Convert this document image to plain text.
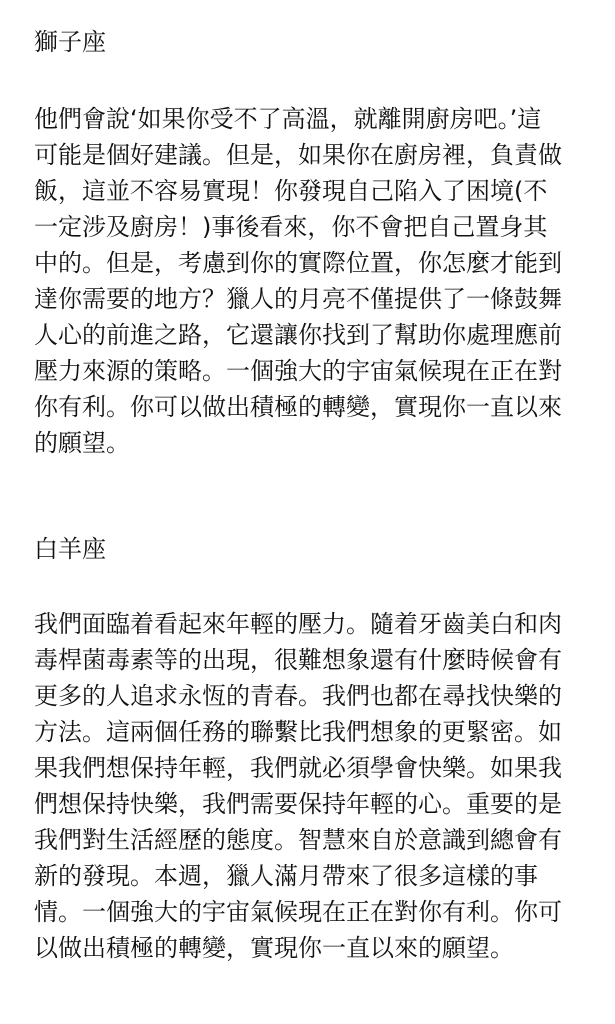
獅子座
他們會說‘如果你受不了高溫，就離開廚房吧。’這
可能是個好建議。但是，如果你在廚房裡，負責做
飯，這並不容易實現！你發現自己陷入了困境(不
一定涉及廚房！)事後看來，你不會把自己置身其
中的。但是，考慮到你的實際位置，你怎麼才能到
達你需要的地方？獵人的月亮不僅提供了一條鼓舞
人心的前進之路，它還讓你找到了幫助你處理應前
壓力來源的策略。一個強大的宇宙氣候現在正在對
你有利。你可以做出積極的轉變，實現你一直以來
的願望。
白羊座
我們面臨着看起來年輕的壓力。隨着牙齒美白和肉
毒桿菌毒素等的出現，很難想象還有什麼時候會有
更多的人追求永恆的青春。我們也都在尋找快樂的
方法。這兩個任務的聯繫比我們想象的更緊密。如
果我們想保持年輕，我們就必須學會快樂。如果我
們想保持快樂，我們需要保持年輕的心。重要的是
我們對生活經歷的態度。智慧來自於意識到總會有
新的發現。本週，獵人滿月帶來了很多這樣的事
情。一個強大的宇宙氣候現在正在對你有利。你可
以做出積極的轉變，實現你一直以來的願望。
